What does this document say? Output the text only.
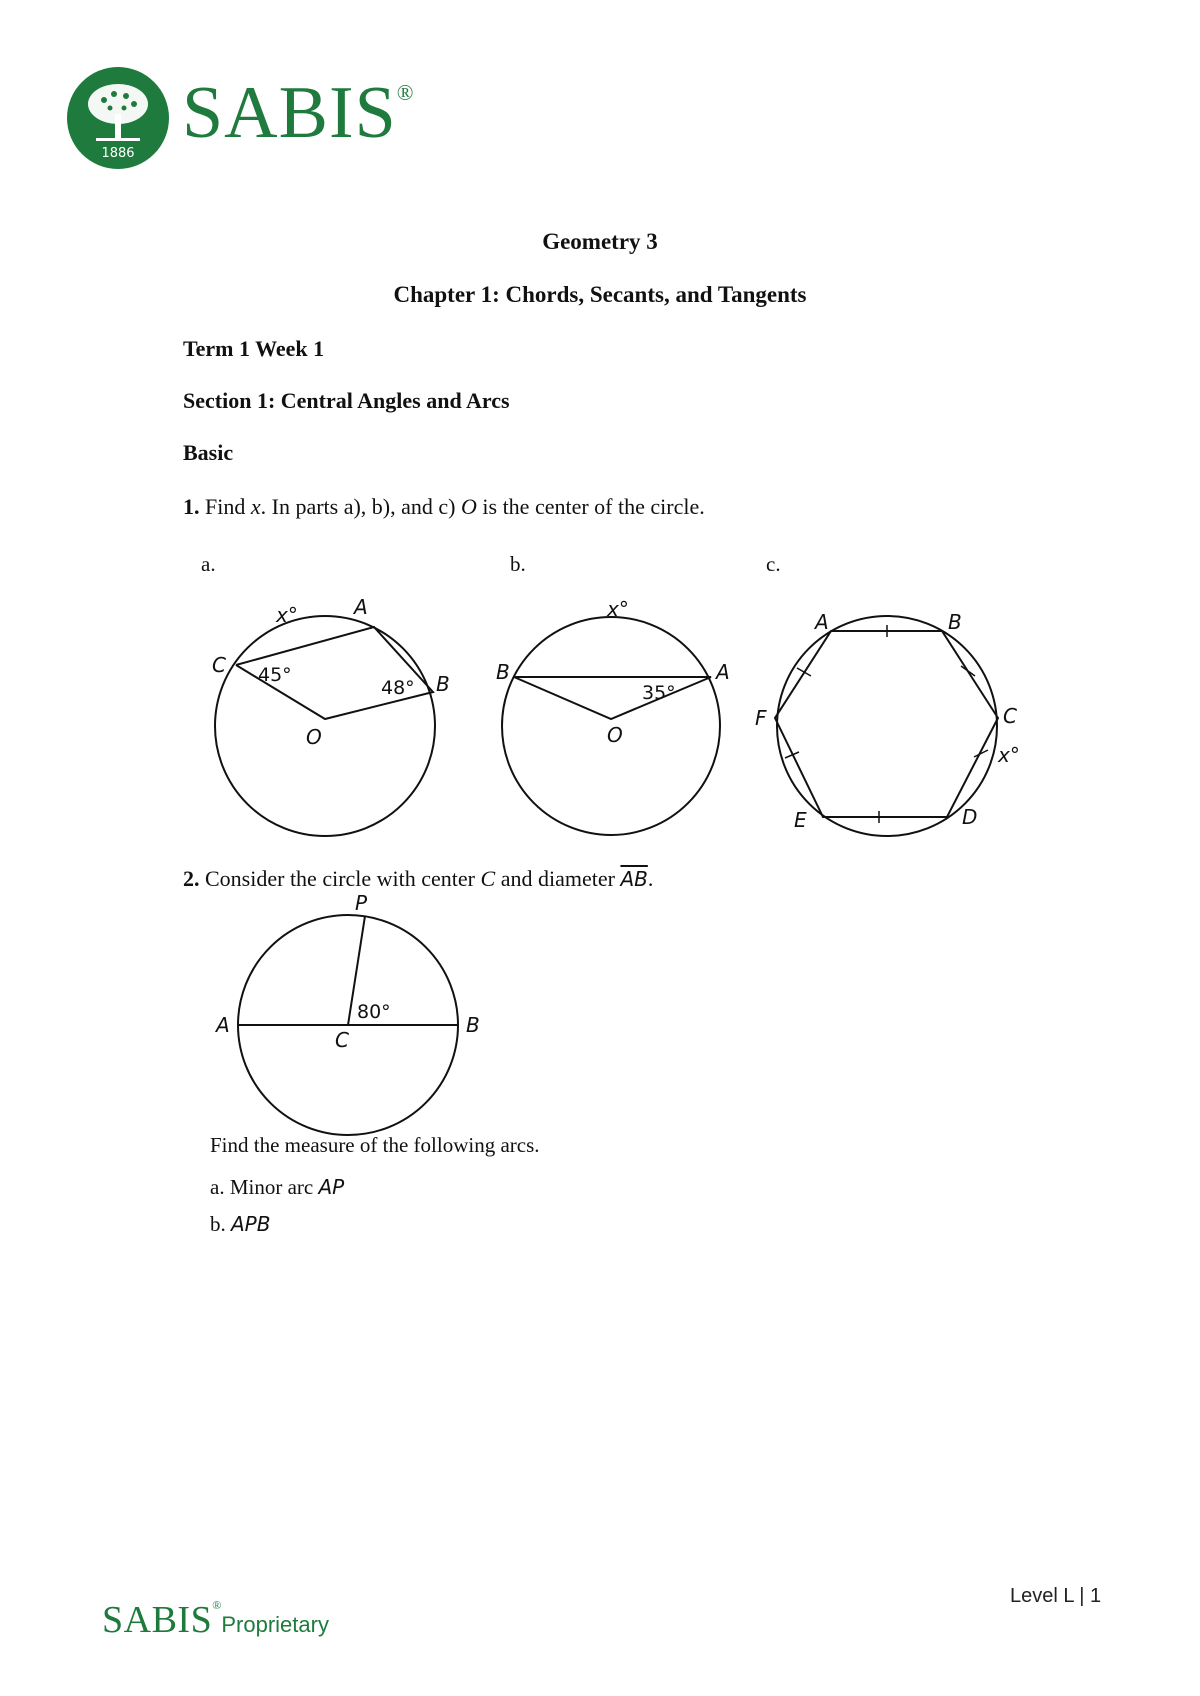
1886 SABIS®
Geometry 3
Chapter 1: Chords, Secants, and Tangents
Term 1 Week 1
Section 1: Central Angles and Arcs
Basic
1. Find x. In parts a), b), and c) O is the center of the circle.
a.	b.	c.
x°	A
C
B
O
45°
48°
x°
B	A
O
35°
A	B
C
D
E
F
x°
P
A	B
C
80°
2. Consider the circle with center C and diameter $\overline{AB}$.
Find the measure of the following arcs.
a. Minor arc AP
b. APB
SABIS®Proprietary
Level L | 1
